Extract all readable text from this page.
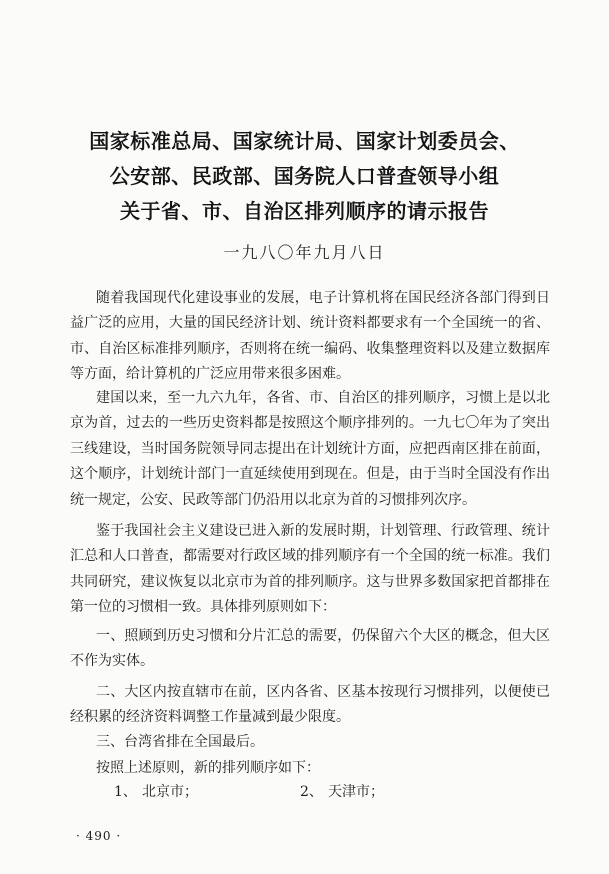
国家标准总局、国家统计局、国家计划委员会、
公安部、民政部、国务院人口普查领导小组
关于省、市、自治区排列顺序的请示报告
一九八〇年九月八日

随着我国现代化建设事业的发展，电子计算机将在国民经济各部门得到日益广泛的应用，大量的国民经济计划、统计资料都要求有一个全国统一的省、市、自治区标准排列顺序，否则将在统一编码、收集整理资料以及建立数据库等方面，给计算机的广泛应用带来很多困难。

建国以来，至一九六九年，各省、市、自治区的排列顺序，习惯上是以北京为首，过去的一些历史资料都是按照这个顺序排列的。一九七〇年为了突出三线建设，当时国务院领导同志提出在计划统计方面，应把西南区排在前面，这个顺序，计划统计部门一直延续使用到现在。但是，由于当时全国没有作出统一规定，公安、民政等部门仍沿用以北京为首的习惯排列次序。

鉴于我国社会主义建设已进入新的发展时期，计划管理、行政管理、统计汇总和人口普查，都需要对行政区域的排列顺序有一个全国的统一标准。我们共同研究，建议恢复以北京市为首的排列顺序。这与世界多数国家把首都排在第一位的习惯相一致。具体排列原则如下：

一、照顾到历史习惯和分片汇总的需要，仍保留六个大区的概念，但大区不作为实体。

二、大区内按直辖市在前，区内各省、区基本按现行习惯排列，以便使已经积累的经济资料调整工作量减到最少限度。

三、台湾省排在全国最后。

按照上述原则，新的排列顺序如下：

1、 北京市；	2、 天津市；
· 490 ·
